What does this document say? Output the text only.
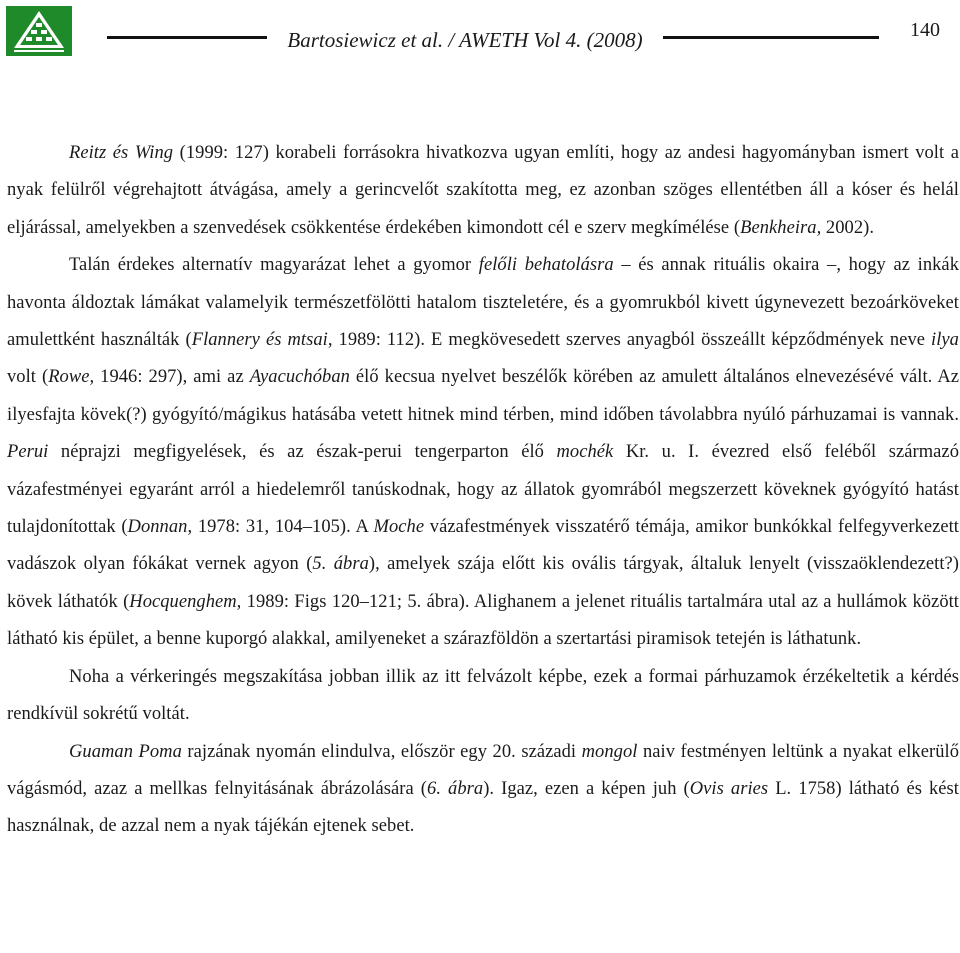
Bartosiewicz et al. / AWETH Vol 4. (2008)	140

Reitz és Wing (1999: 127) korabeli forrásokra hivatkozva ugyan említi, hogy az andesi hagyományban ismert volt a nyak felülről végrehajtott átvágása, amely a gerincvelőt szakította meg, ez azonban szöges ellentétben áll a kóser és helál eljárással, amelyekben a szenvedések csökkentése érdekében kimondott cél e szerv megkímélése (Benkheira, 2002).

Talán érdekes alternatív magyarázat lehet a gyomor felőli behatolásra – és annak rituális okaira –, hogy az inkák havonta áldoztak lámákat valamelyik természetfölötti hatalom tiszteletére, és a gyomrukból kivett úgynevezett bezoárköveket amulettként használták (Flannery és mtsai, 1989: 112). E megkövesedett szerves anyagból összeállt képződmények neve ilya volt (Rowe, 1946: 297), ami az Ayacuchóban élő kecsua nyelvet beszélők körében az amulett általános elnevezésévé vált. Az ilyesfajta kövek(?) gyógyító/mágikus hatásába vetett hitnek mind térben, mind időben távolabbra nyúló párhuzamai is vannak. Perui néprajzi megfigyelések, és az észak-perui tengerparton élő mochék Kr. u. I. évezred első feléből származó vázafestményei egyaránt arról a hiedelemről tanúskodnak, hogy az állatok gyomrából megszerzett köveknek gyógyító hatást tulajdonítottak (Donnan, 1978: 31, 104–105). A Moche vázafestmények visszatérő témája, amikor bunkókkal felfegyverkezett vadászok olyan fókákat vernek agyon (5. ábra), amelyek szája előtt kis ovális tárgyak, általuk lenyelt (visszaöklendezett?) kövek láthatók (Hocquenghem, 1989: Figs 120–121; 5. ábra). Alighanem a jelenet rituális tartalmára utal az a hullámok között látható kis épület, a benne kuporgó alakkal, amilyeneket a szárazföldön a szertartási piramisok tetején is láthatunk.

Noha a vérkeringés megszakítása jobban illik az itt felvázolt képbe, ezek a formai párhuzamok érzékeltetik a kérdés rendkívül sokrétű voltát.

Guaman Poma rajzának nyomán elindulva, először egy 20. századi mongol naiv festményen leltünk a nyakat elkerülő vágásmód, azaz a mellkas felnyitásának ábrázolására (6. ábra). Igaz, ezen a képen juh (Ovis aries L. 1758) látható és kést használnak, de azzal nem a nyak tájékán ejtenek sebet.
